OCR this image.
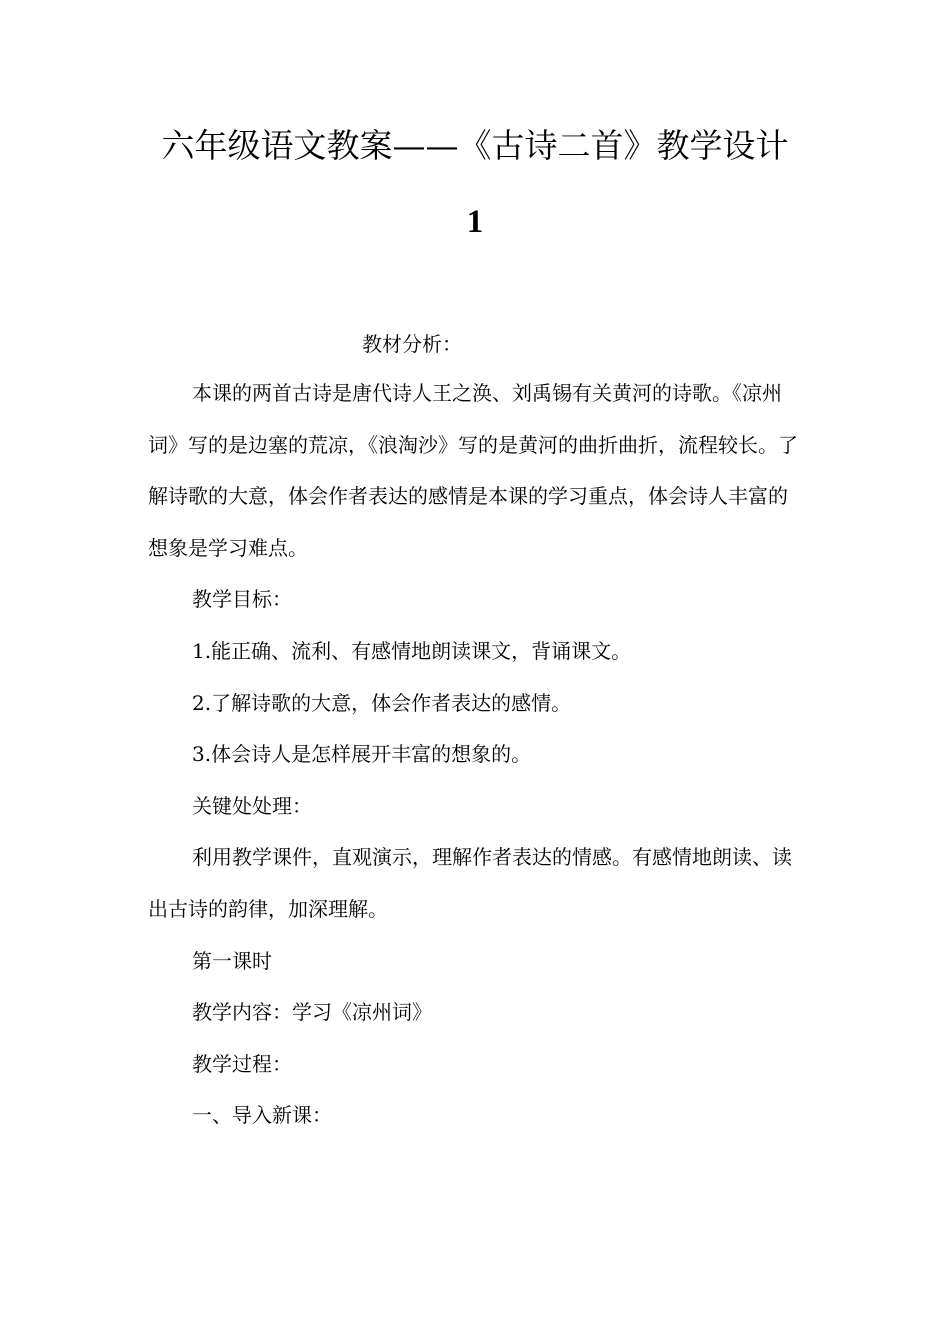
六年级语文教案——《古诗二首》教学设计
1
教材分析：

本课的两首古诗是唐代诗人王之涣、刘禹锡有关黄河的诗歌。《凉州词》写的是边塞的荒凉，《浪淘沙》写的是黄河的曲折曲折，流程较长。了解诗歌的大意，体会作者表达的感情是本课的学习重点，体会诗人丰富的想象是学习难点。

教学目标：

1.能正确、流利、有感情地朗读课文，背诵课文。

2.了解诗歌的大意，体会作者表达的感情。

3.体会诗人是怎样展开丰富的想象的。

关键处处理：

利用教学课件，直观演示，理解作者表达的情感。有感情地朗读、读出古诗的韵律，加深理解。

第一课时

教学内容：学习《凉州词》

教学过程：

一、导入新课：
